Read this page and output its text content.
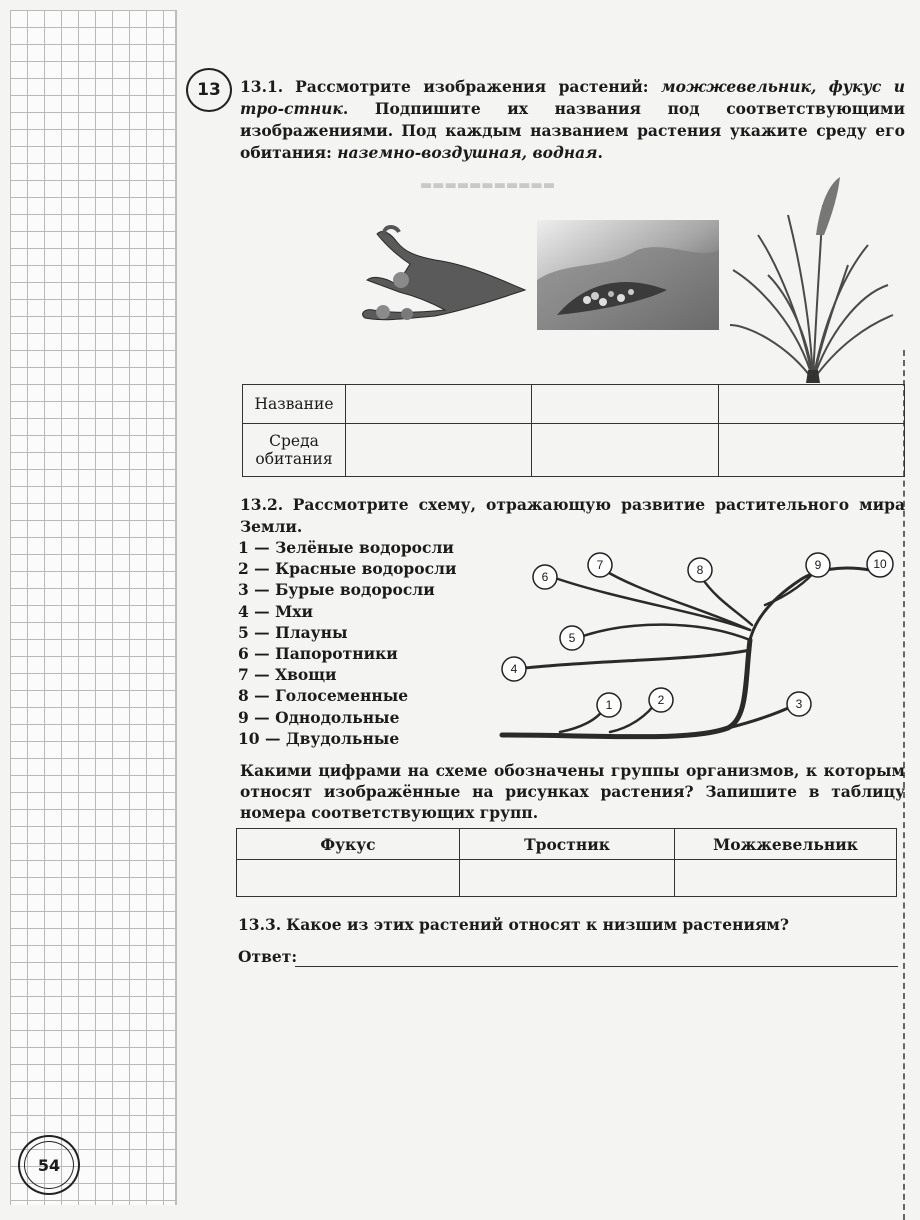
13	13.1. Рассмотрите изображения растений: можжевельник, фукус и тро-стник. Подпишите их названия под соответствующими изображениями. Под каждым названием растения укажите среду его обитания: наземно-воздушная, водная.
▬▬▬▬▬▬▬▬▬▬▬
Название			

Среда
обитания			

13.2. Рассмотрите схему, отражающую развитие растительного мира Земли.
1 — Зелёные водоросли
2 — Красные водоросли
3 — Бурые водоросли
4 — Мхи
5 — Плауны
6 — Папоротники
7 — Хвощи
8 — Голосеменные
9 — Однодольные
10 — Двудольные
1	2	3
4
5
6
7	8	9	10
Какими цифрами на схеме обозначены группы организмов, к которым относят изображённые на рисунках растения? Запишите в таблицу номера соответствующих групп.
Фукус	Тростник	Можжевельник

13.3. Какое из этих растений относят к низшим растениям?
Ответ:
54
